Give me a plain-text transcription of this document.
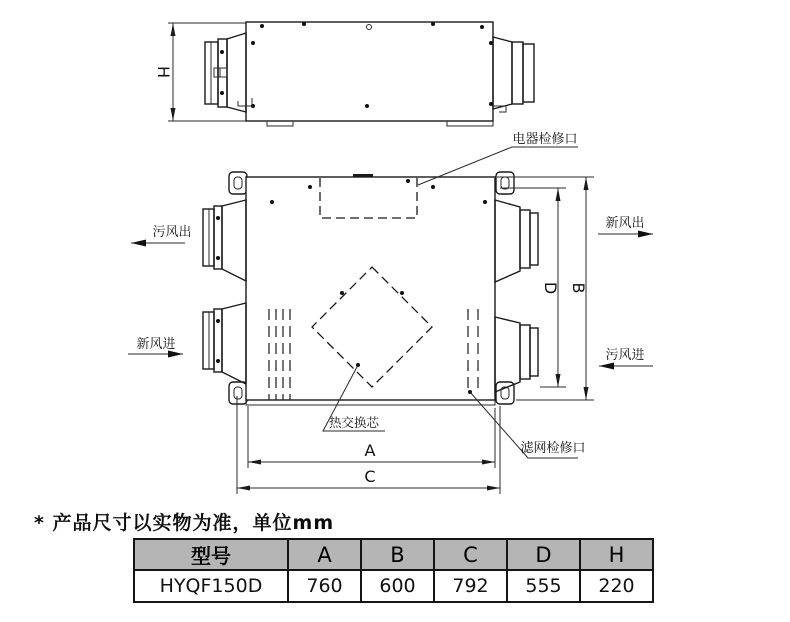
H
D B
A
C
电器检修口
污风出
新风进
新风出
污风进
热交换芯
滤网检修口
* 产品尺寸以实物为准，单位mm
型号	A	B	C	D	H
HYQF150D	760	600	792	555	220
